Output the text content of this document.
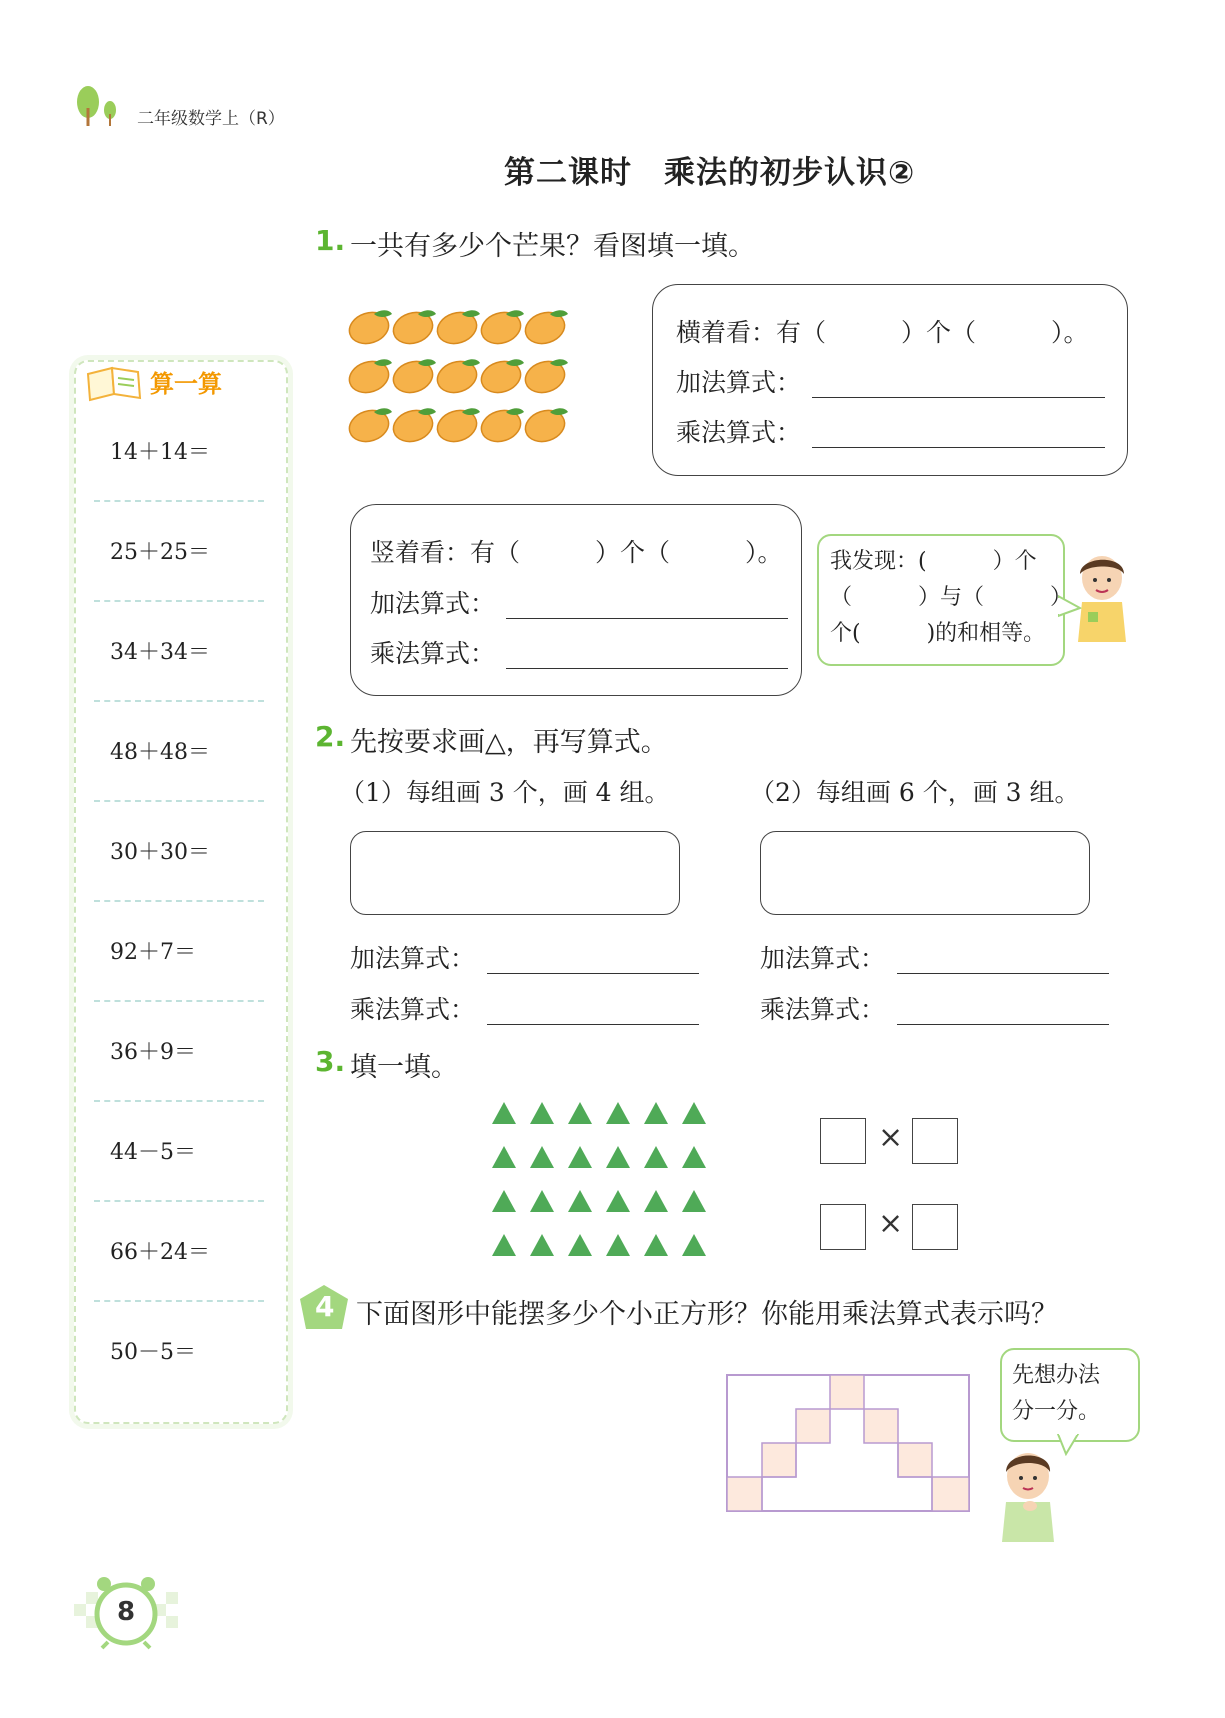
二年级数学上（R）
第二课时　乘法的初步认识②
算一算
14＋14＝
25＋25＝
34＋34＝
48＋48＝
30＋30＝
92＋7＝
36＋9＝
44－5＝
66＋24＝
50－5＝
1. 一共有多少个芒果？看图填一填。
横着看：有（　　　）个（　　　）。
加法算式：
乘法算式：
竖着看：有（　　　）个（　　　）。
加法算式：
乘法算式：
我发现：(　　　）个
（　　　）与（　　　）
个(　　　)的和相等。
2. 先按要求画△，再写算式。
（1）每组画 3 个，画 4 组。	（2）每组画 6 个，画 3 组。
加法算式：
乘法算式：
加法算式：
乘法算式：
3. 填一填。
×
×
4 下面图形中能摆多少个小正方形？你能用乘法算式表示吗？
先想办法
分一分。
8
